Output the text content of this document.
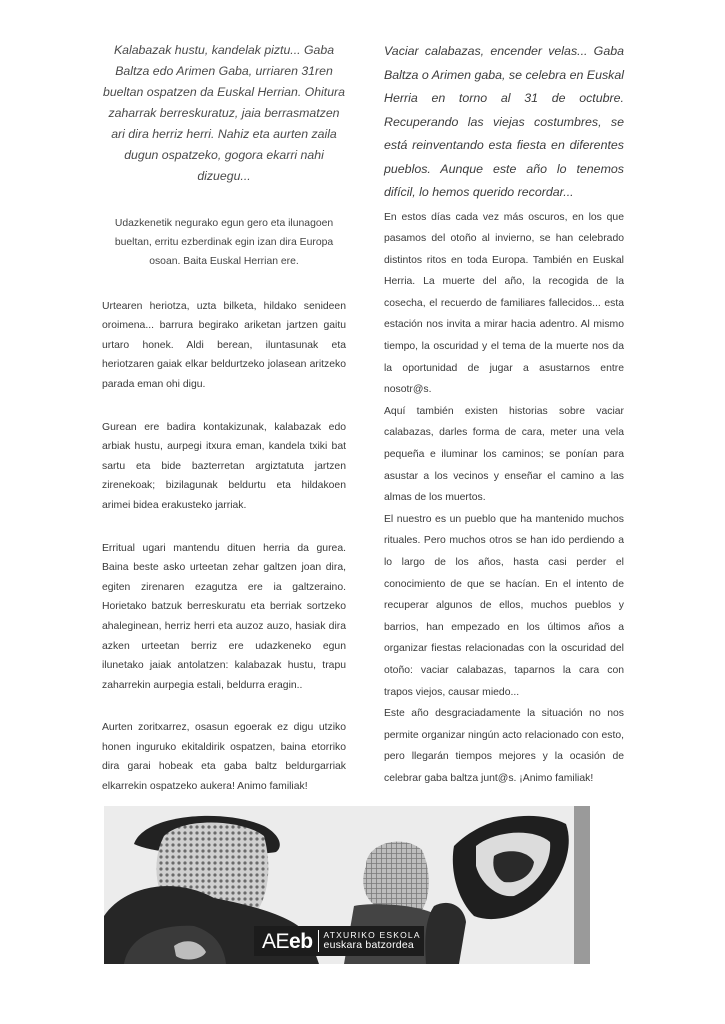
Kalabazak hustu, kandelak piztu... Gaba Baltza edo Arimen Gaba, urriaren 31ren bueltan ospatzen da Euskal Herrian. Ohitura zaharrak berreskuratuz, jaia berrasmatzen ari dira herriz herri. Nahiz eta aurten zaila dugun ospatzeko, gogora ekarri nahi dizuegu...

Udazkenetik negurako egun gero eta ilunagoen bueltan, erritu ezberdinak egin izan dira Europa osoan. Baita Euskal Herrian ere.

Urtearen heriotza, uzta bilketa, hildako senideen oroimena... barrura begirako ariketan jartzen gaitu urtaro honek. Aldi berean, iluntasunak eta heriotzaren gaiak elkar beldurtzeko jolasean aritzeko parada eman ohi digu.

Gurean ere badira kontakizunak, kalabazak edo arbiak hustu, aurpegi itxura eman, kandela txiki bat sartu eta bide bazterretan argiztatuta jartzen zirenekoak; bizilagunak beldurtu eta hildakoen arimei bidea erakusteko jarriak.

Erritual ugari mantendu dituen herria da gurea. Baina beste asko urteetan zehar galtzen joan dira, egiten zirenaren ezagutza ere ia galtzeraino. Horietako batzuk berreskuratu eta berriak sortzeko ahaleginean, herriz herri eta auzoz auzo, hasiak dira azken urteetan berriz ere udazkeneko egun ilunetako jaiak antolatzen: kalabazak hustu, trapu zaharrekin aurpegia estali, beldurra eragin..

Aurten zoritxarrez, osasun egoerak ez digu utziko honen inguruko ekitaldirik ospatzen, baina etorriko dira garai hobeak eta gaba baltz beldurgarriak elkarrekin ospatzeko aukera! Animo familiak!

Vaciar calabazas, encender velas... Gaba Baltza o Arimen gaba, se celebra en Euskal Herria en torno al 31 de octubre. Recuperando las viejas costumbres, se está reinventando esta fiesta en diferentes pueblos. Aunque este año lo tenemos difícil, lo hemos querido recordar...

En estos días cada vez más oscuros, en los que pasamos del otoño al invierno, se han celebrado distintos ritos en toda Europa. También en Euskal Herria. La muerte del año, la recogida de la cosecha, el recuerdo de familiares fallecidos... esta estación nos invita a mirar hacia adentro. Al mismo tiempo, la oscuridad y el tema de la muerte nos da la oportunidad de jugar a asustarnos entre nosotr@s.

Aquí también existen historias sobre vaciar calabazas, darles forma de cara, meter una vela pequeña e iluminar los caminos; se ponían para asustar a los vecinos y enseñar el camino a las almas de los muertos.

El nuestro es un pueblo que ha mantenido muchos rituales. Pero muchos otros se han ido perdiendo a lo largo de los años, hasta casi perder el conocimiento de que se hacían. En el intento de recuperar algunos de ellos, muchos pueblos y barrios, han empezado en los últimos años a organizar fiestas relacionadas con la oscuridad del otoño: vaciar calabazas, taparnos la cara con trapos viejos, causar miedo...

Este año desgraciadamente la situación no nos permite organizar ningún acto relacionado con esto, pero llegarán tiempos mejores y la ocasión de celebrar gaba baltza junt@s. ¡Animo familiak!

AEeb ATXURIKO ESKOLA
euskara batzordea
